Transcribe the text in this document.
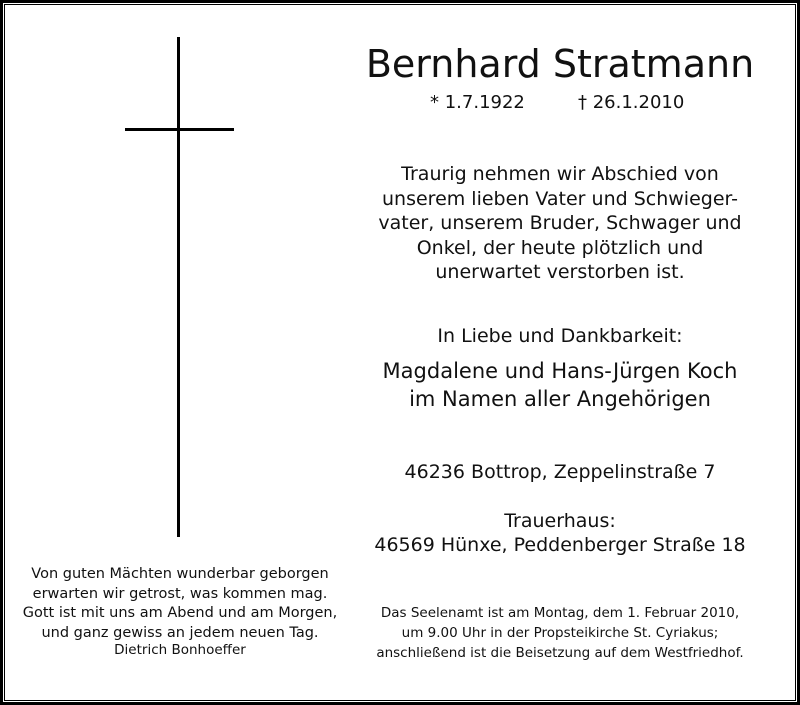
Bernhard Stratmann
* 1.7.1922	† 26.1.2010
Traurig nehmen wir Abschied von
unserem lieben Vater und Schwieger-
vater, unserem Bruder, Schwager und
Onkel, der heute plötzlich und
unerwartet verstorben ist.
In Liebe und Dankbarkeit:
Magdalene und Hans-Jürgen Koch
im Namen aller Angehörigen
46236 Bottrop, Zeppelinstraße 7
Trauerhaus:
46569 Hünxe, Peddenberger Straße 18
Von guten Mächten wunderbar geborgen
erwarten wir getrost, was kommen mag.
Gott ist mit uns am Abend und am Morgen,
und ganz gewiss an jedem neuen Tag.
Dietrich Bonhoeffer
Das Seelenamt ist am Montag, dem 1. Februar 2010,
um 9.00 Uhr in der Propsteikirche St. Cyriakus;
anschließend ist die Beisetzung auf dem Westfriedhof.
